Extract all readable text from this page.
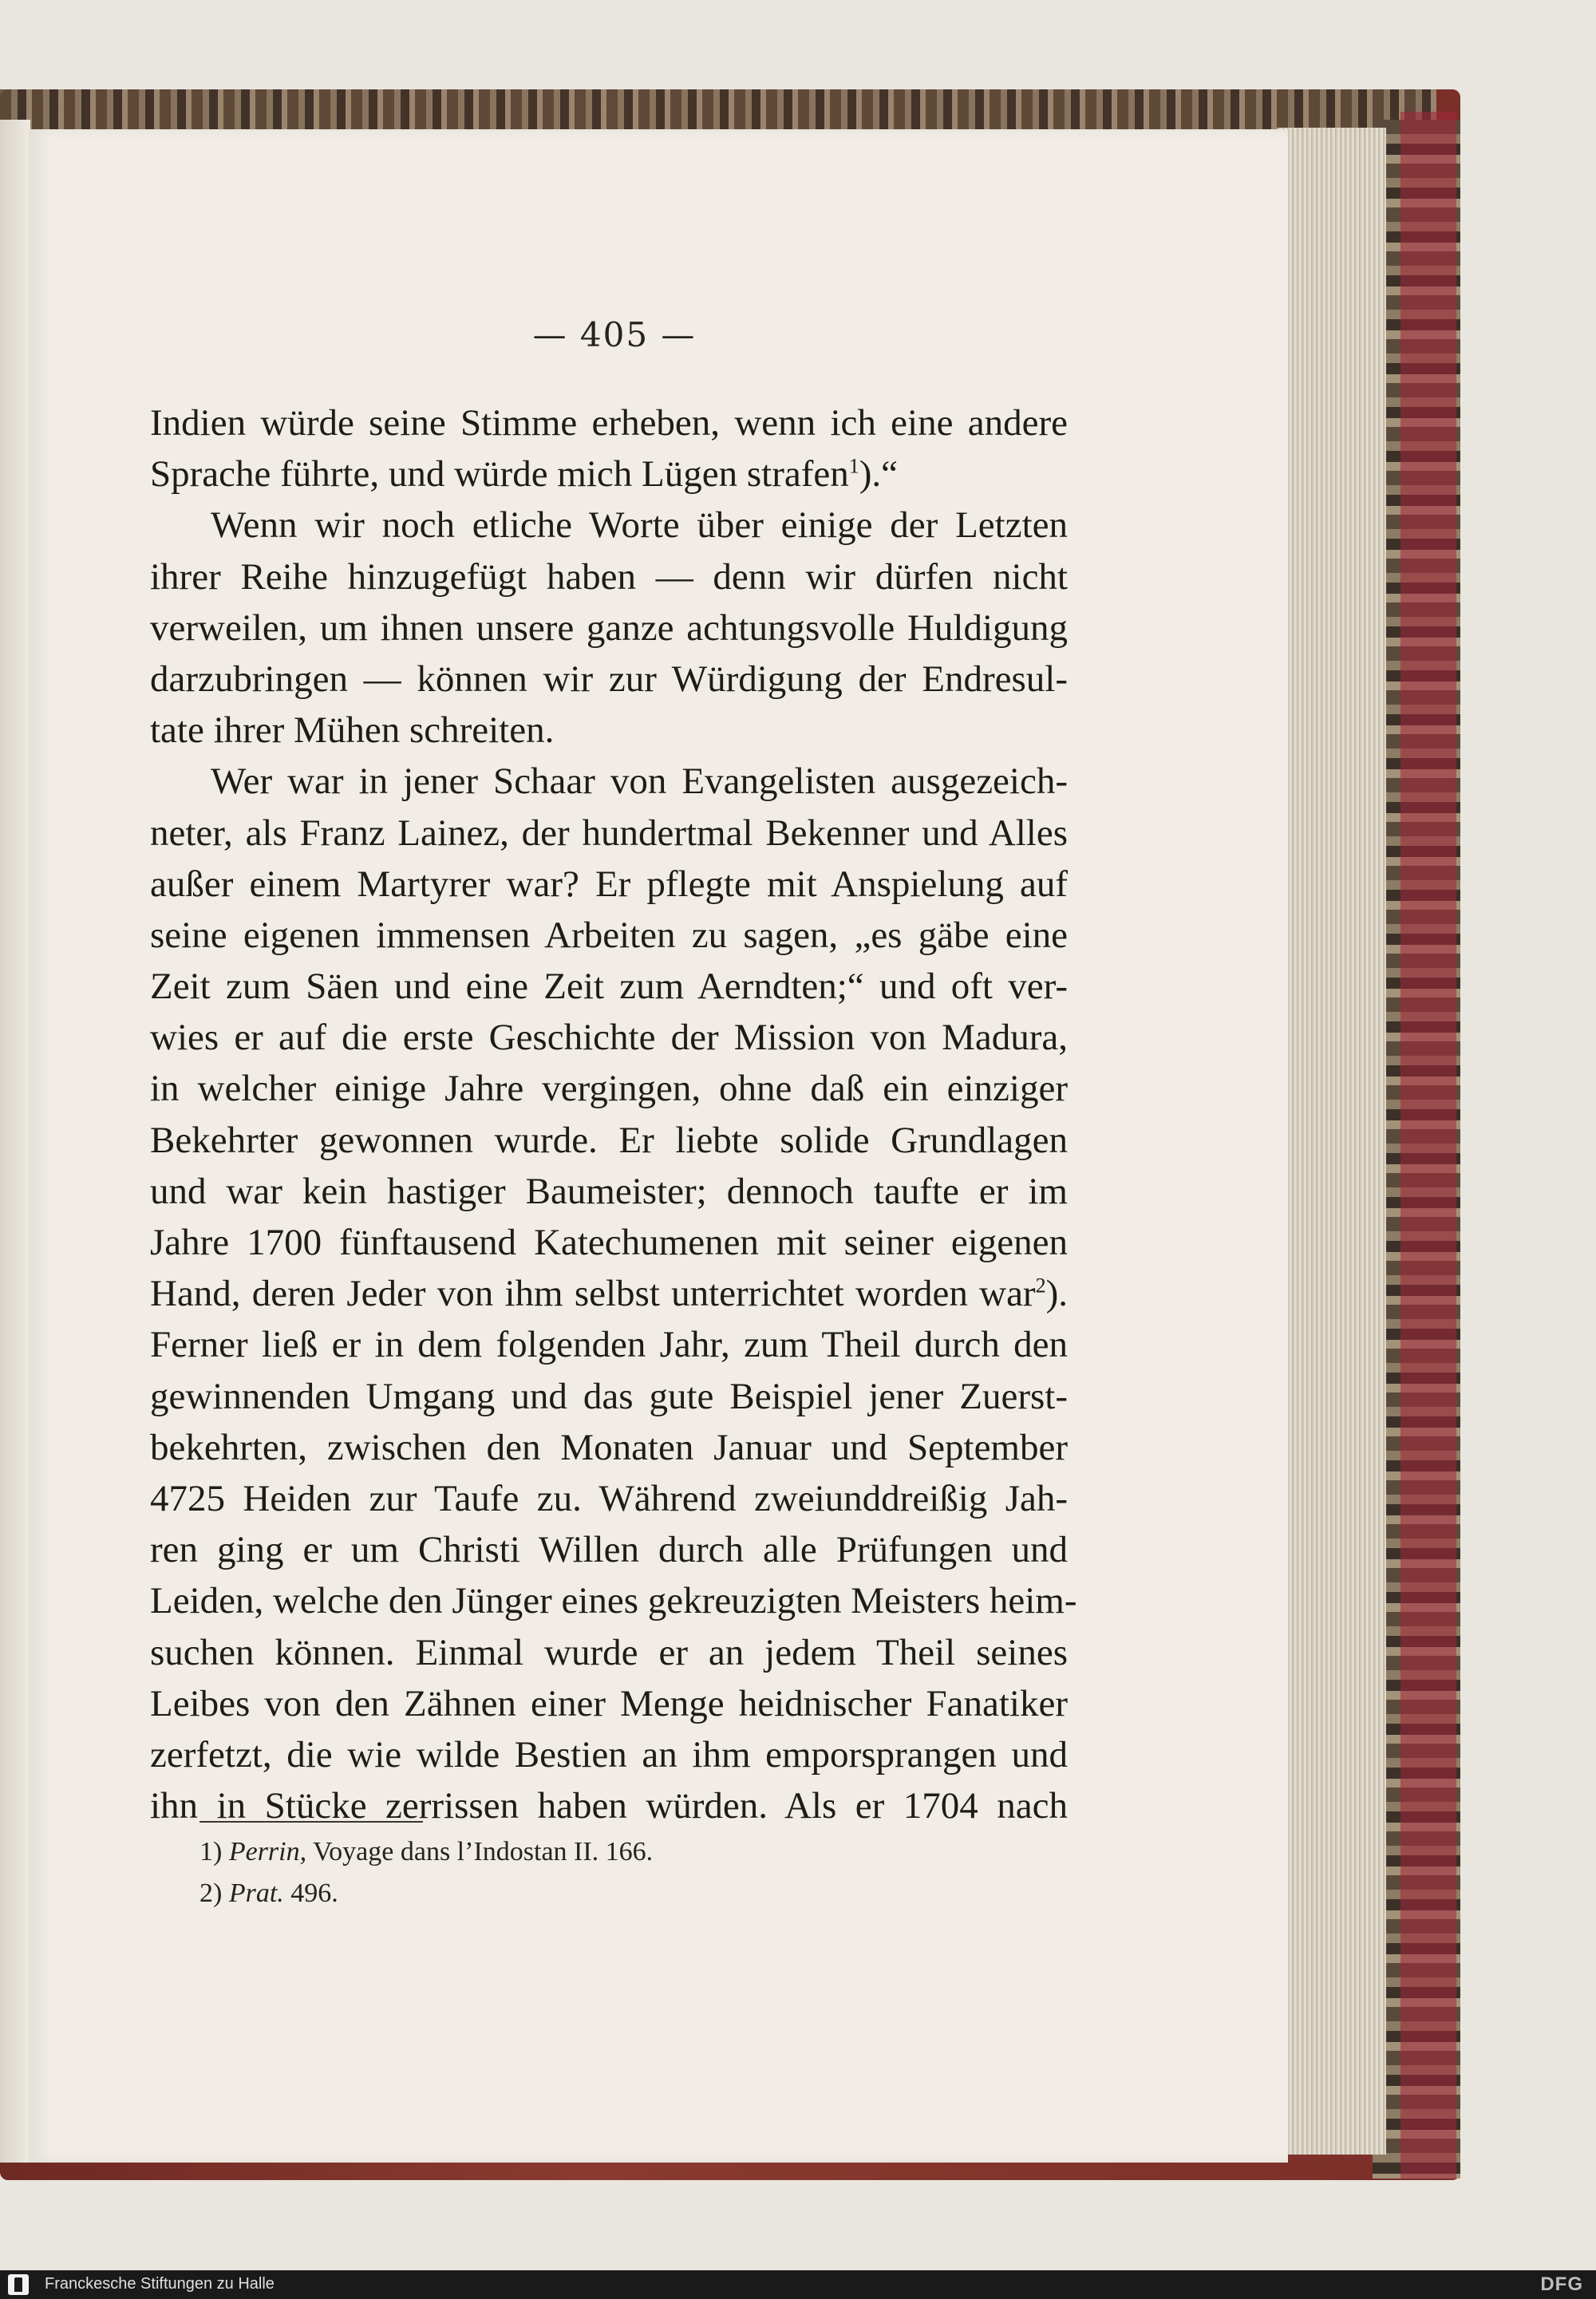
— 405 —
Indien würde seine Stimme erheben, wenn ich eine andere
Sprache führte, und würde mich Lügen strafen$^1$).“
Wenn wir noch etliche Worte über einige der Letzten
ihrer Reihe hinzugefügt haben — denn wir dürfen nicht
verweilen, um ihnen unsere ganze achtungsvolle Huldigung
darzubringen — können wir zur Würdigung der Endresul-
tate ihrer Mühen schreiten.
Wer war in jener Schaar von Evangelisten ausgezeich-
neter, als Franz Lainez, der hundertmal Bekenner und Alles
außer einem Martyrer war? Er pflegte mit Anspielung auf
seine eigenen immensen Arbeiten zu sagen, „es gäbe eine
Zeit zum Säen und eine Zeit zum Aerndten;“ und oft ver-
wies er auf die erste Geschichte der Mission von Madura,
in welcher einige Jahre vergingen, ohne daß ein einziger
Bekehrter gewonnen wurde. Er liebte solide Grundlagen
und war kein hastiger Baumeister; dennoch taufte er im
Jahre 1700 fünftausend Katechumenen mit seiner eigenen
Hand, deren Jeder von ihm selbst unterrichtet worden war$^2$).
Ferner ließ er in dem folgenden Jahr, zum Theil durch den
gewinnenden Umgang und das gute Beispiel jener Zuerst-
bekehrten, zwischen den Monaten Januar und September
4725 Heiden zur Taufe zu. Während zweiunddreißig Jah-
ren ging er um Christi Willen durch alle Prüfungen und
Leiden, welche den Jünger eines gekreuzigten Meisters heim-
suchen können. Einmal wurde er an jedem Theil seines
Leibes von den Zähnen einer Menge heidnischer Fanatiker
zerfetzt, die wie wilde Bestien an ihm emporsprangen und
ihn in Stücke zerrissen haben würden. Als er 1704 nach
1) Perrin, Voyage dans l’Indostan II. 166.
2) Prat. 496.
Franckesche Stiftungen zu Halle	DFG
